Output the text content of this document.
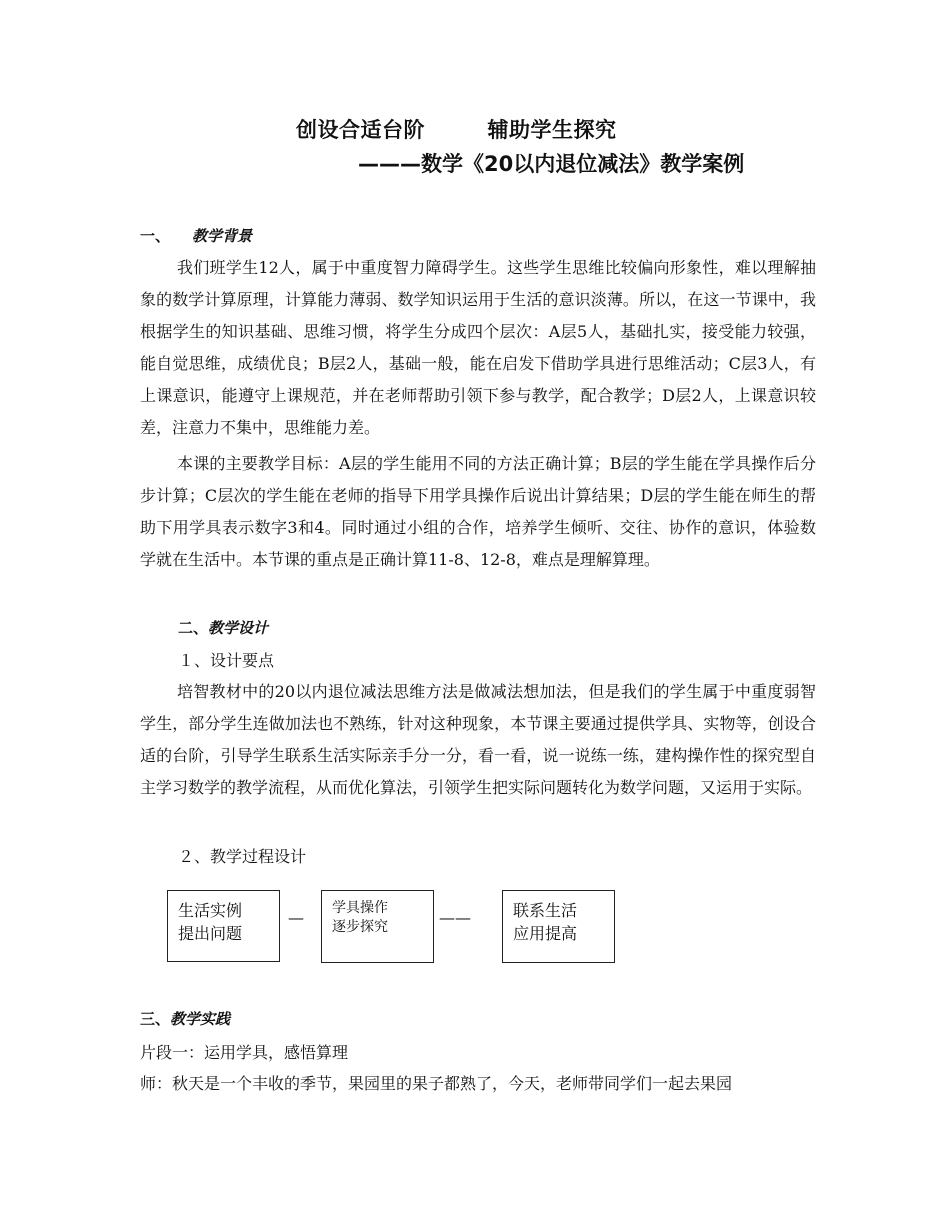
创设合适台阶        辅助学生探究
———数学《20以内退位减法》教学案例
一、 教学背景

我们班学生12人，属于中重度智力障碍学生。这些学生思维比较偏向形象性，难以理解抽象的数学计算原理，计算能力薄弱、数学知识运用于生活的意识淡薄。所以，在这一节课中，我根据学生的知识基础、思维习惯，将学生分成四个层次：A层5人，基础扎实，接受能力较强，能自觉思维，成绩优良；B层2人，基础一般，能在启发下借助学具进行思维活动；C层3人，有上课意识，能遵守上课规范，并在老师帮助引领下参与教学，配合教学；D层2人，上课意识较差，注意力不集中，思维能力差。

本课的主要教学目标：A层的学生能用不同的方法正确计算；B层的学生能在学具操作后分步计算；C层次的学生能在老师的指导下用学具操作后说出计算结果；D层的学生能在师生的帮助下用学具表示数字3和4。同时通过小组的合作，培养学生倾听、交往、协作的意识，体验数学就在生活中。本节课的重点是正确计算11-8、12-8，难点是理解算理。

二、教学设计
１、设计要点

培智教材中的20以内退位减法思维方法是做减法想加法，但是我们的学生属于中重度弱智学生，部分学生连做加法也不熟练，针对这种现象，本节课主要通过提供学具、实物等，创设合适的台阶，引导学生联系生活实际亲手分一分，看一看，说一说练一练，建构操作性的探究型自主学习数学的教学流程，从而优化算法，引领学生把实际问题转化为数学问题，又运用于实际。

２、教学过程设计
生活实例
提出问题
— 学具操作
逐步探究	——	联系生活
应用提高
三、教学实践
片段一：运用学具，感悟算理
师：秋天是一个丰收的季节，果园里的果子都熟了，今天，老师带同学们一起去果园
